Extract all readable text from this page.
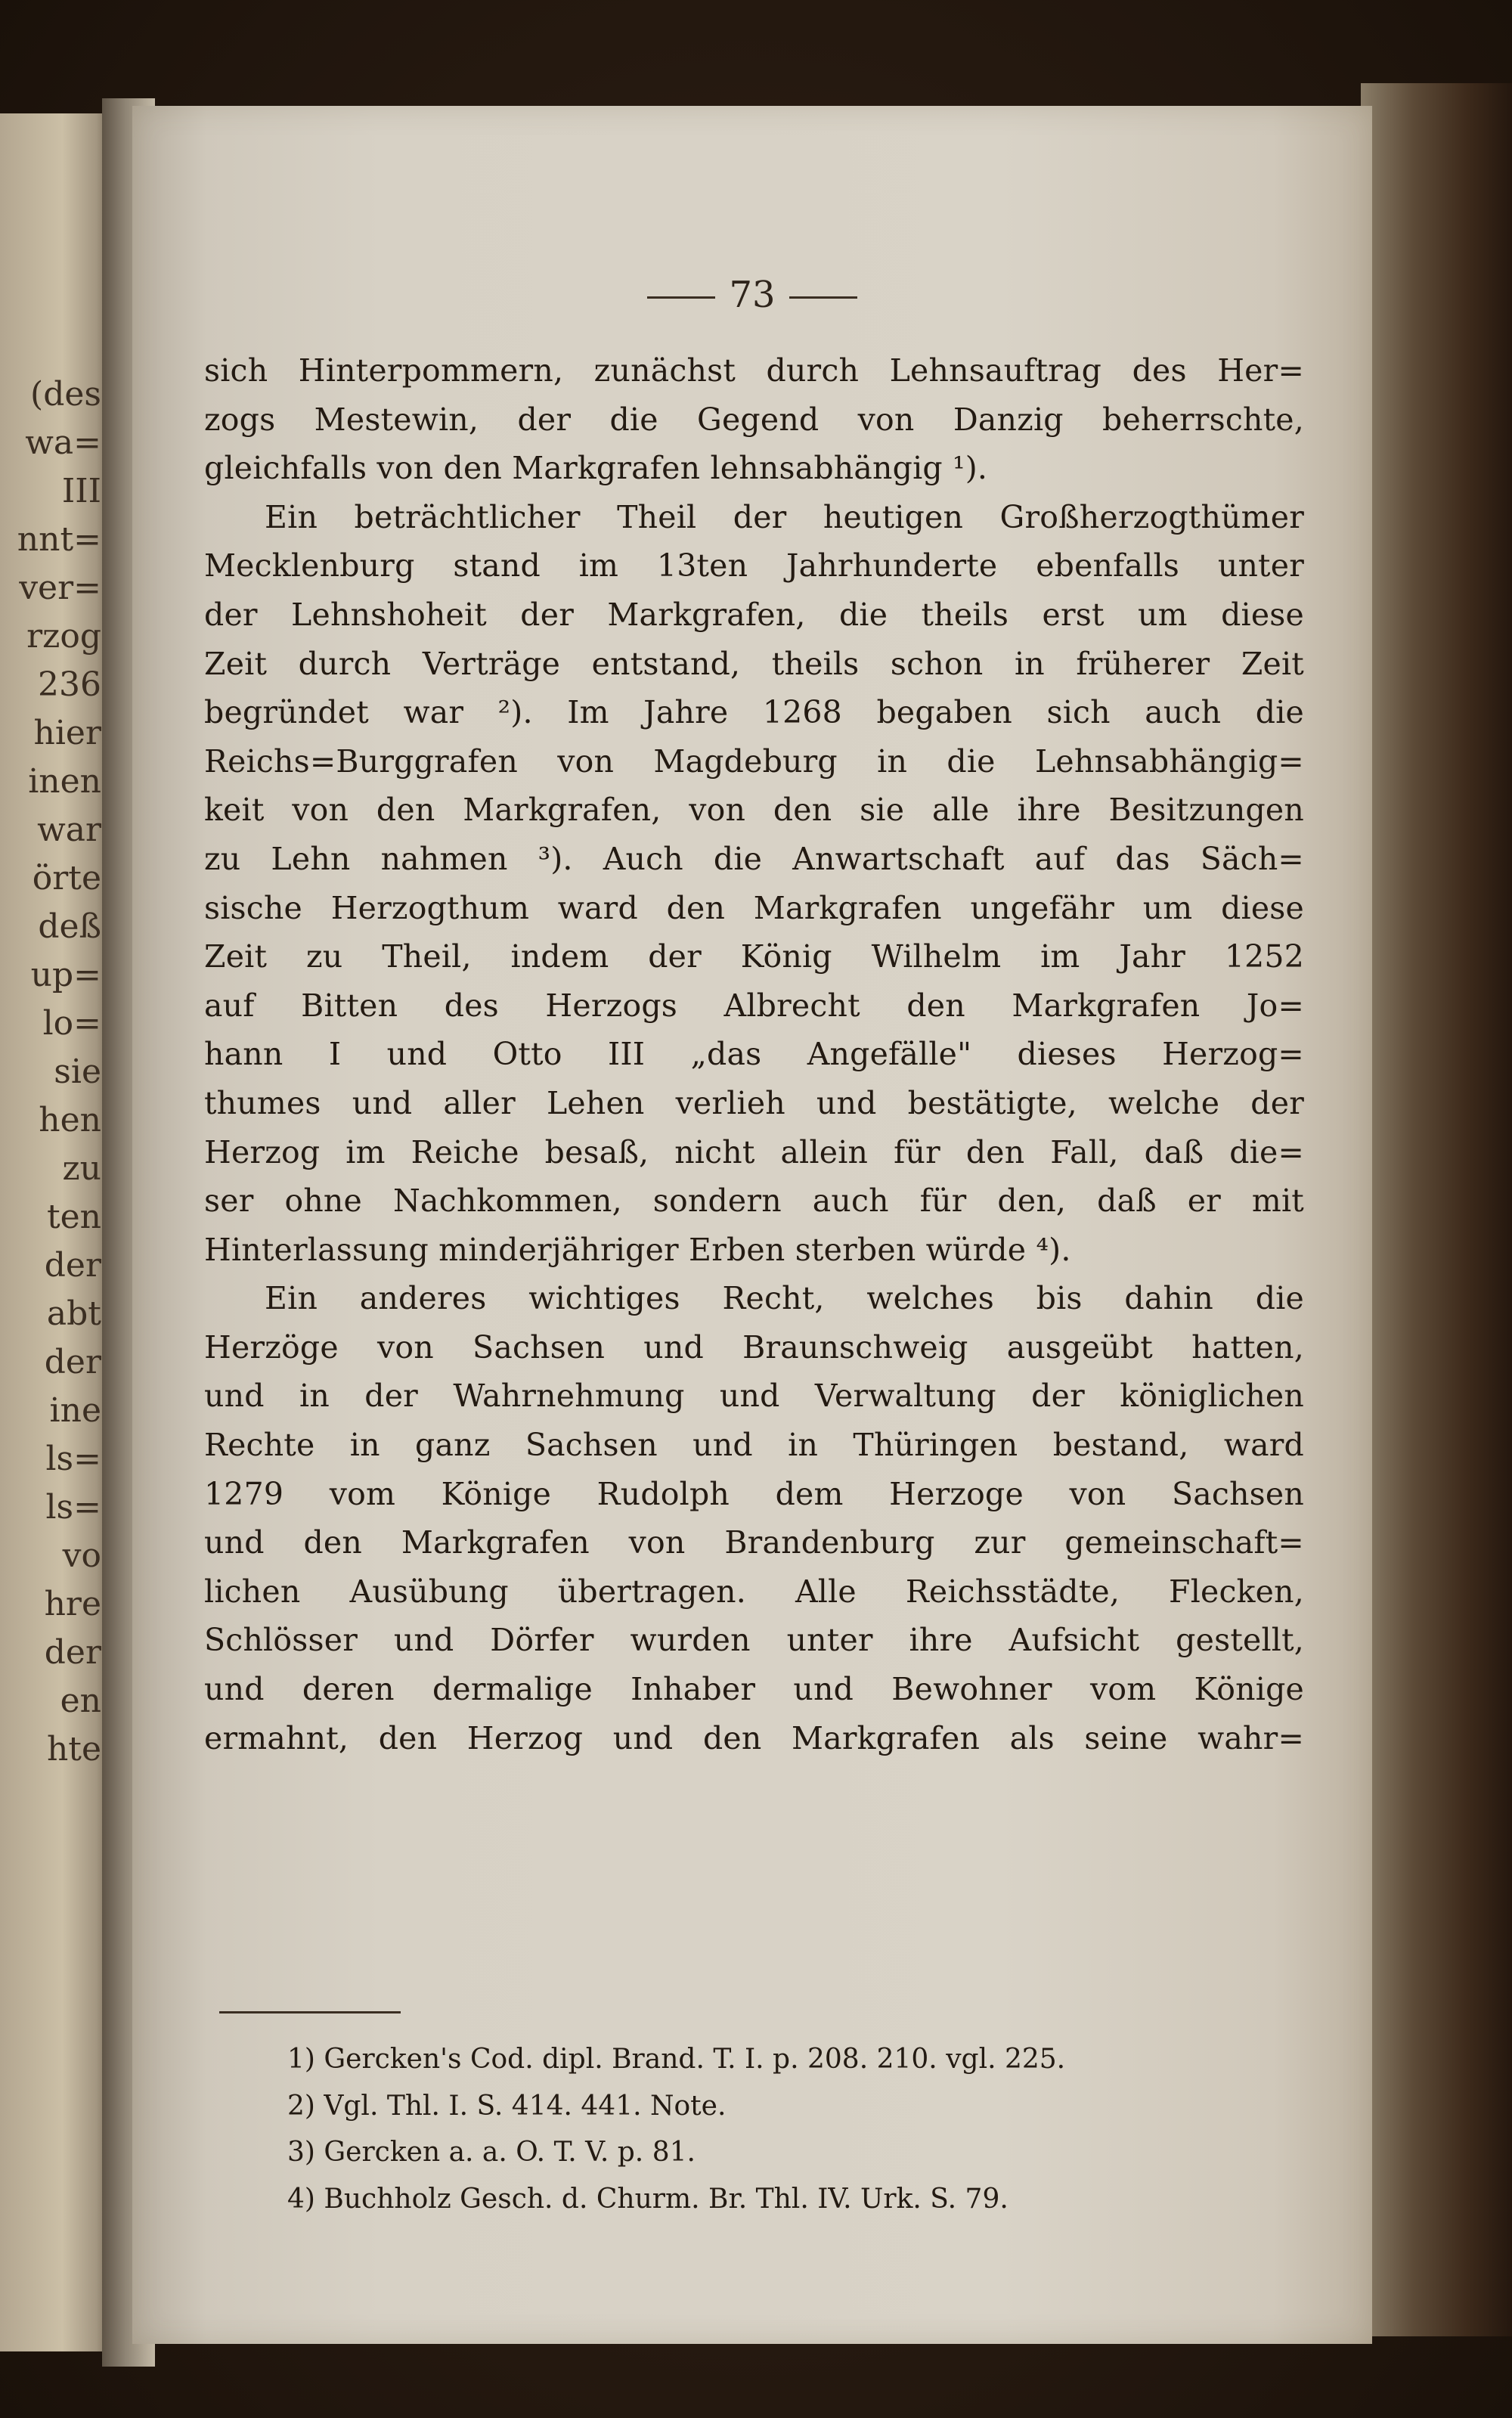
(des
wa=
III
nnt=
ver=
rzog
236
hier
inen
war
örte
deß
up=
lo=
sie
hen
zu
ten
der
abt
der
ine
ls=
ls=
vo
hre
der
en
hte
73
sich Hinterpommern, zunächst durch Lehnsauftrag des Her=
zogs Mestewin, der die Gegend von Danzig beherrschte,
gleichfalls von den Markgrafen lehnsabhängig ¹).
Ein beträchtlicher Theil der heutigen Großherzogthümer
Mecklenburg stand im 13ten Jahrhunderte ebenfalls unter
der Lehnshoheit der Markgrafen, die theils erst um diese
Zeit durch Verträge entstand, theils schon in früherer Zeit
begründet war ²). Im Jahre 1268 begaben sich auch die
Reichs=Burggrafen von Magdeburg in die Lehnsabhängig=
keit von den Markgrafen, von den sie alle ihre Besitzungen
zu Lehn nahmen ³). Auch die Anwartschaft auf das Säch=
sische Herzogthum ward den Markgrafen ungefähr um diese
Zeit zu Theil, indem der König Wilhelm im Jahr 1252
auf Bitten des Herzogs Albrecht den Markgrafen Jo=
hann I und Otto III „das Angefälle" dieses Herzog=
thumes und aller Lehen verlieh und bestätigte, welche der
Herzog im Reiche besaß, nicht allein für den Fall, daß die=
ser ohne Nachkommen, sondern auch für den, daß er mit
Hinterlassung minderjähriger Erben sterben würde ⁴).
Ein anderes wichtiges Recht, welches bis dahin die
Herzöge von Sachsen und Braunschweig ausgeübt hatten,
und in der Wahrnehmung und Verwaltung der königlichen
Rechte in ganz Sachsen und in Thüringen bestand, ward
1279 vom Könige Rudolph dem Herzoge von Sachsen
und den Markgrafen von Brandenburg zur gemeinschaft=
lichen Ausübung übertragen. Alle Reichsstädte, Flecken,
Schlösser und Dörfer wurden unter ihre Aufsicht gestellt,
und deren dermalige Inhaber und Bewohner vom Könige
ermahnt, den Herzog und den Markgrafen als seine wahr=
1) Gercken's Cod. dipl. Brand. T. I. p. 208. 210. vgl. 225.
2) Vgl. Thl. I. S. 414. 441. Note.
3) Gercken a. a. O. T. V. p. 81.
4) Buchholz Gesch. d. Churm. Br. Thl. IV. Urk. S. 79.
